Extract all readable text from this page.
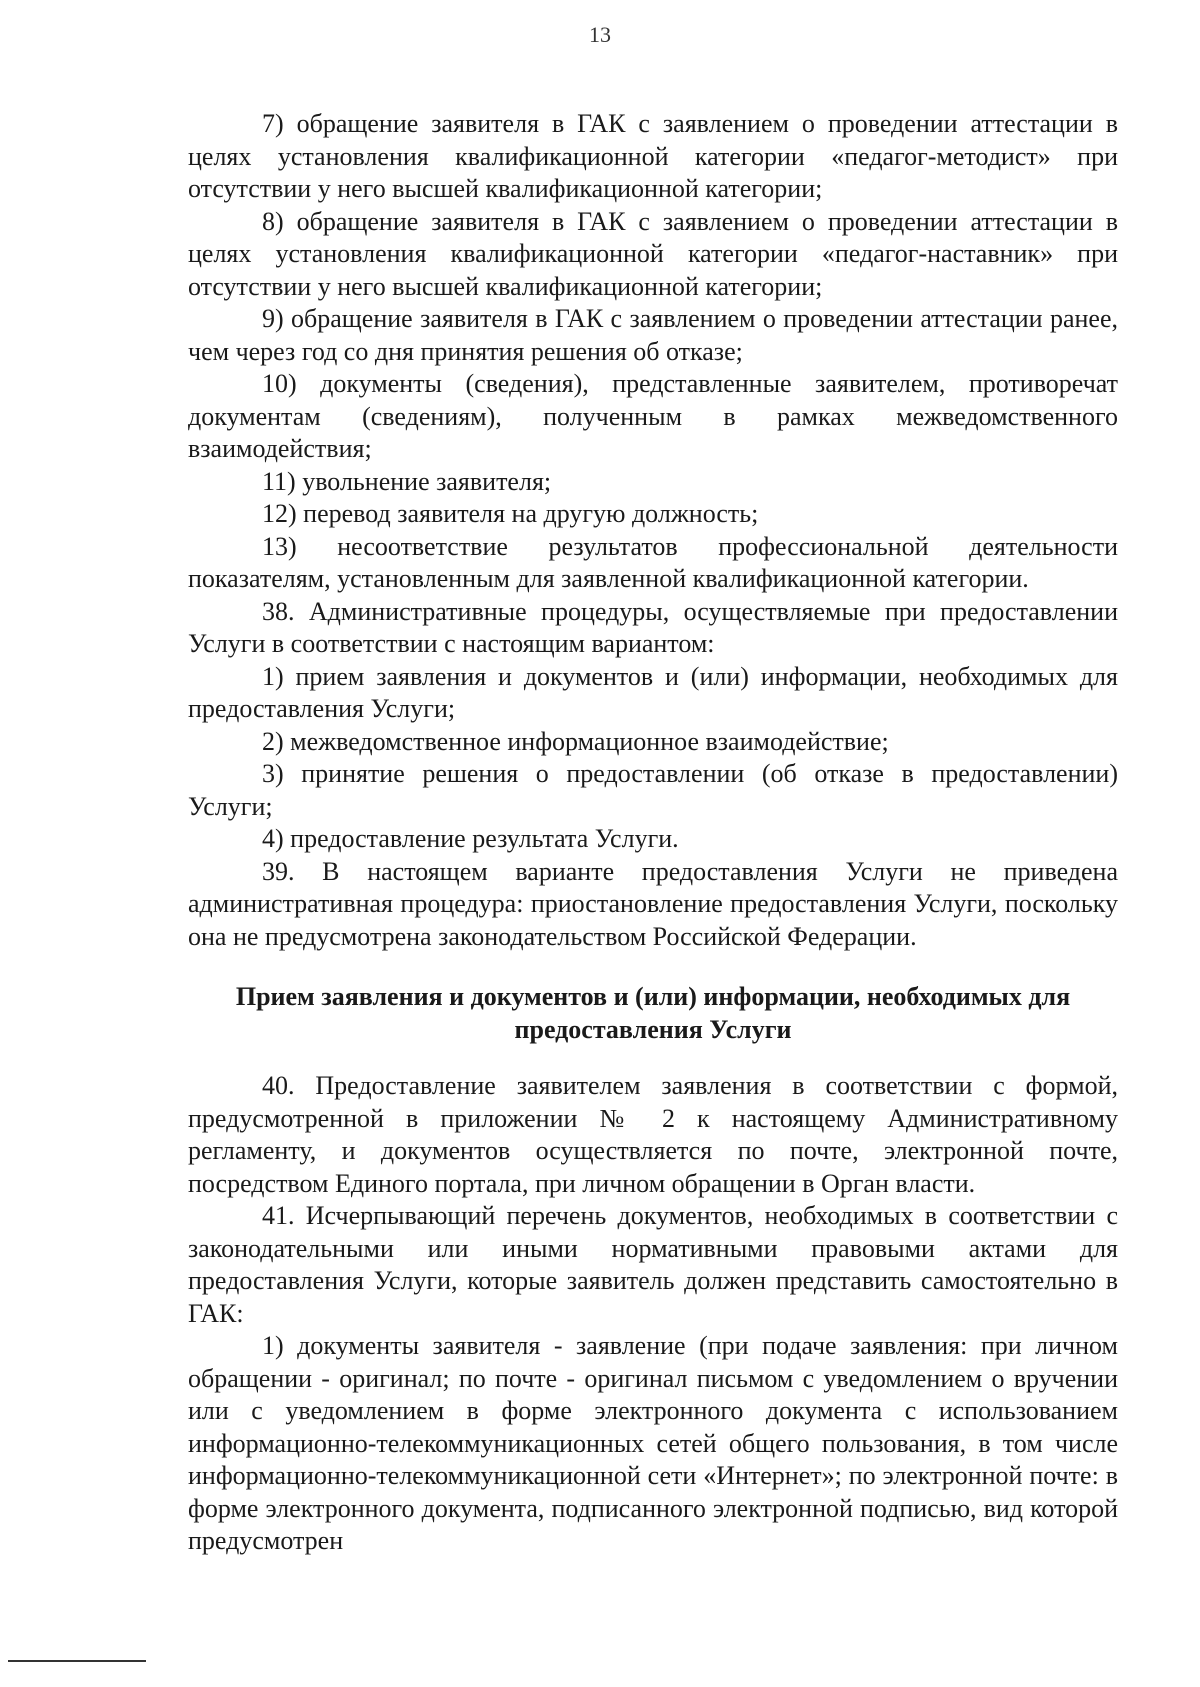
13

7) обращение заявителя в ГАК с заявлением о проведении аттестации в целях установления квалификационной категории «педагог-методист» при отсутствии у него высшей квалификационной категории;

8) обращение заявителя в ГАК с заявлением о проведении аттестации в целях установления квалификационной категории «педагог-наставник» при отсутствии у него высшей квалификационной категории;

9) обращение заявителя в ГАК с заявлением о проведении аттестации ранее, чем через год со дня принятия решения об отказе;

10) документы (сведения), представленные заявителем, противоречат документам (сведениям), полученным в рамках межведомственного взаимодействия;

11) увольнение заявителя;

12) перевод заявителя на другую должность;

13) несоответствие результатов профессиональной деятельности показателям, установленным для заявленной квалификационной категории.

38. Административные процедуры, осуществляемые при предоставлении Услуги в соответствии с настоящим вариантом:

1) прием заявления и документов и (или) информации, необходимых для предоставления Услуги;

2) межведомственное информационное взаимодействие;

3) принятие решения о предоставлении (об отказе в предоставлении) Услуги;

4) предоставление результата Услуги.

39. В настоящем варианте предоставления Услуги не приведена административная процедура: приостановление предоставления Услуги, поскольку она не предусмотрена законодательством Российской Федерации.

Прием заявления и документов и (или) информации, необходимых для предоставления Услуги

40. Предоставление заявителем заявления в соответствии с формой, предусмотренной в приложении № 2 к настоящему Административному регламенту, и документов осуществляется по почте, электронной почте, посредством Единого портала, при личном обращении в Орган власти.

41. Исчерпывающий перечень документов, необходимых в соответствии с законодательными или иными нормативными правовыми актами для предоставления Услуги, которые заявитель должен представить самостоятельно в ГАК:

1) документы заявителя - заявление (при подаче заявления: при личном обращении - оригинал; по почте - оригинал письмом с уведомлением о вручении или с уведомлением в форме электронного документа с использованием информационно-телекоммуникационных сетей общего пользования, в том числе информационно-телекоммуникационной сети «Интернет»; по электронной почте: в форме электронного документа, подписанного электронной подписью, вид которой предусмотрен
